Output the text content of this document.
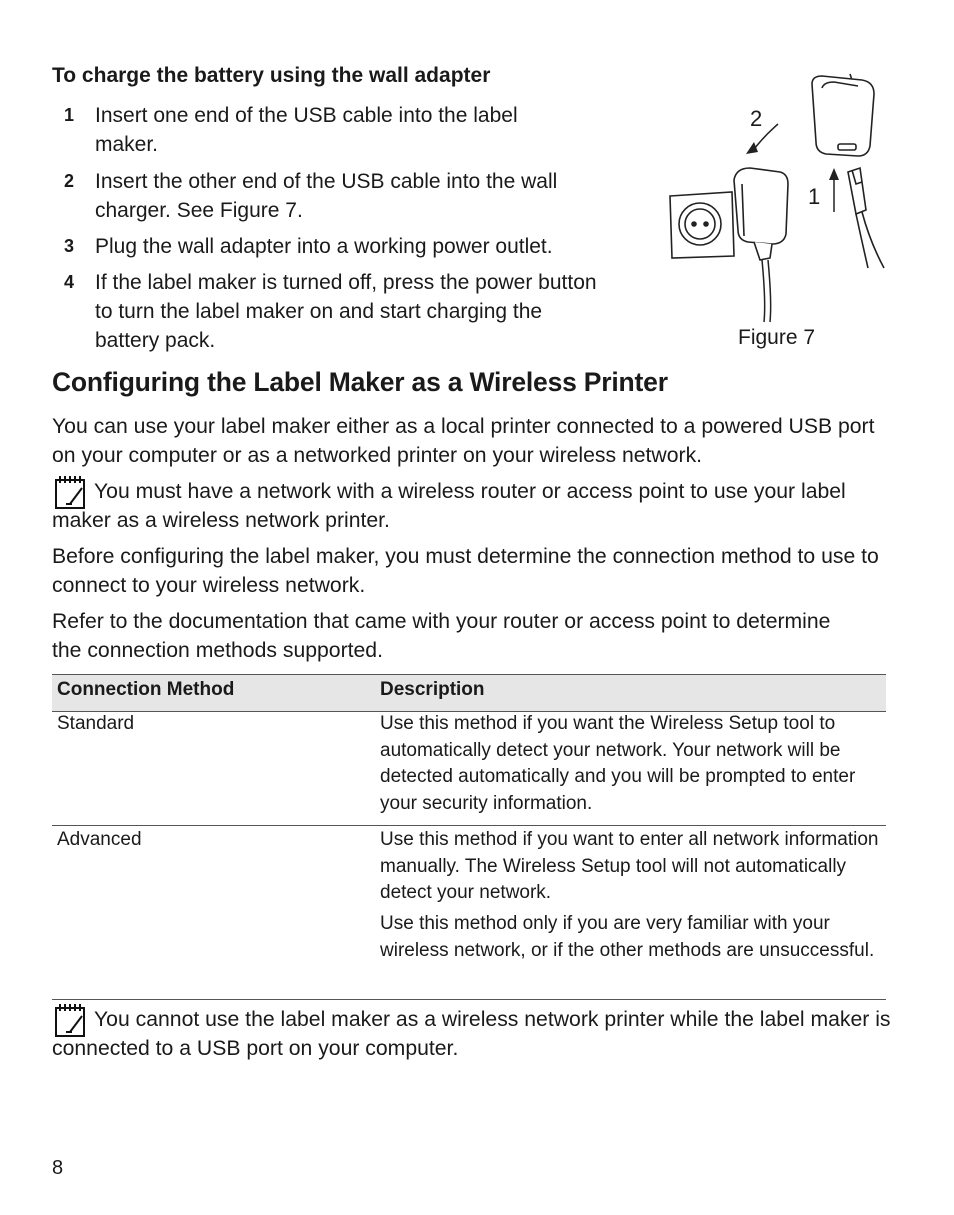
To charge the battery using the wall adapter
1 Insert one end of the USB cable into the label maker.
2 Insert the other end of the USB cable into the wall charger. See Figure 7.
3 Plug the wall adapter into a working power outlet.
4 If the label maker is turned off, press the power button to turn the label maker on and start charging the battery pack.
2
1
Figure 7
Configuring the Label Maker as a Wireless Printer
You can use your label maker either as a local printer connected to a powered USB port on your computer or as a networked printer on your wireless network.
You must have a network with a wireless router or access point to use your label maker as a wireless network printer.
Before configuring the label maker, you must determine the connection method to use to connect to your wireless network.
Refer to the documentation that came with your router or access point to determine the connection methods supported.
Connection Method	Description
Standard	Use this method if you want the Wireless Setup tool to automatically detect your network. Your network will be detected automatically and you will be prompted to enter your security information.
Advanced	Use this method if you want to enter all network information manually. The Wireless Setup tool will not automatically detect your network.
Use this method only if you are very familiar with your wireless network, or if the other methods are unsuccessful.
You cannot use the label maker as a wireless network printer while the label maker is connected to a USB port on your computer.
8
